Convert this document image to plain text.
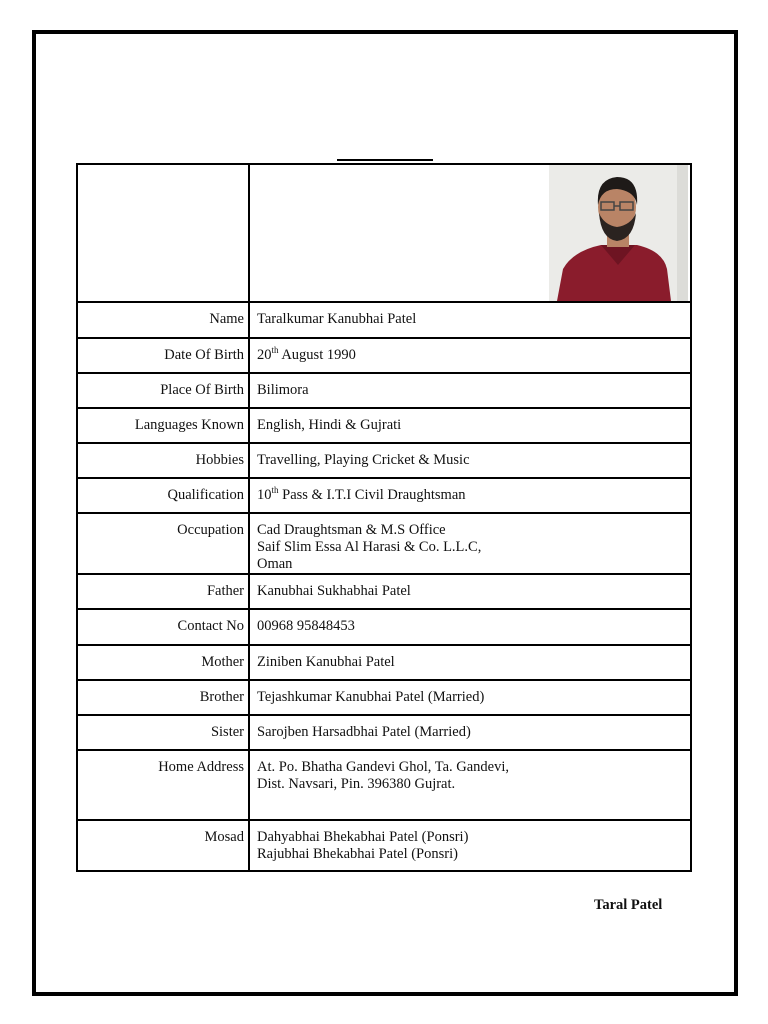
Name	Taralkumar Kanubhai Patel

Date Of Birth	20th August 1990

Place Of Birth	Bilimora

Languages Known	English, Hindi & Gujrati

Hobbies	Travelling, Playing Cricket & Music

Qualification	10th Pass & I.T.I Civil Draughtsman

Occupation	Cad Draughtsman & M.S Office
Saif Slim Essa Al Harasi & Co. L.L.C,
Oman

Father	Kanubhai Sukhabhai Patel

Contact No	00968 95848453

Mother	Ziniben Kanubhai Patel

Brother	Tejashkumar Kanubhai Patel (Married)

Sister	Sarojben Harsadbhai Patel (Married)

Home Address	At. Po. Bhatha Gandevi Ghol, Ta. Gandevi,
Dist. Navsari, Pin. 396380 Gujrat.

Mosad	Dahyabhai Bhekabhai Patel (Ponsri)
Rajubhai Bhekabhai Patel (Ponsri)
Taral Patel
